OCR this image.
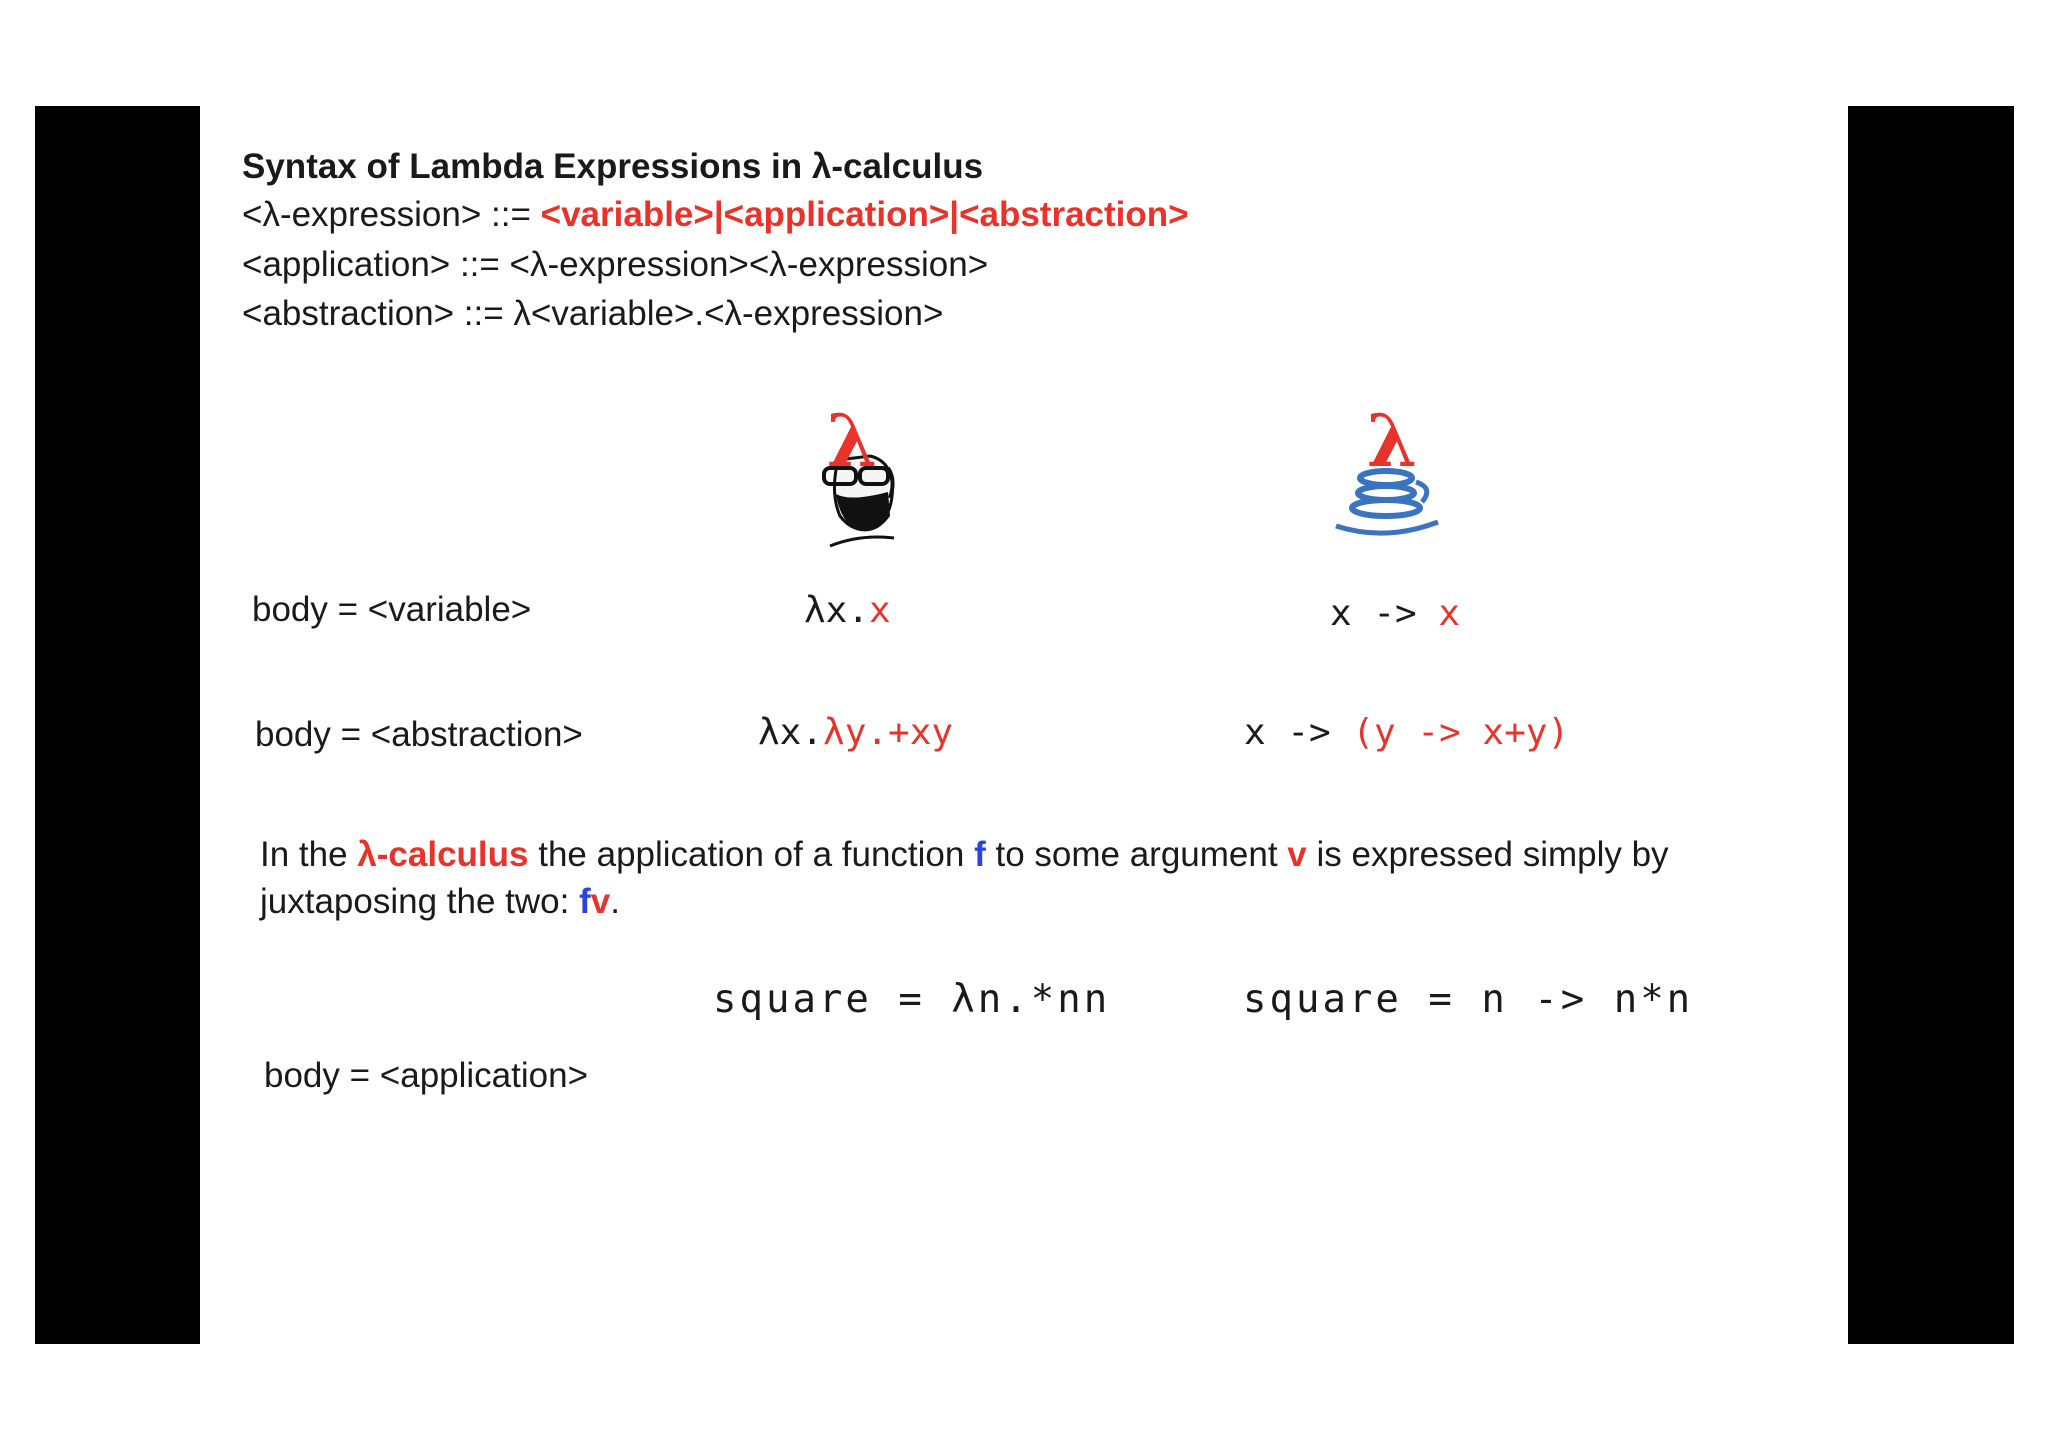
Syntax of Lambda Expressions in λ-calculus
<λ-expression> ::= <variable>|<application>|<abstraction>
<application> ::= <λ-expression><λ-expression>
<abstraction> ::= λ<variable>.<λ-expression>
λ	λ
body = <variable>	λx.x	x -> x
body = <abstraction>	λx.λy.+xy	x -> (y -> x+y)
In the λ-calculus the application of a function f to some argument v is expressed simply by
juxtaposing the two: fv.
square = λn.*nn	square = n -> n*n
body = <application>
